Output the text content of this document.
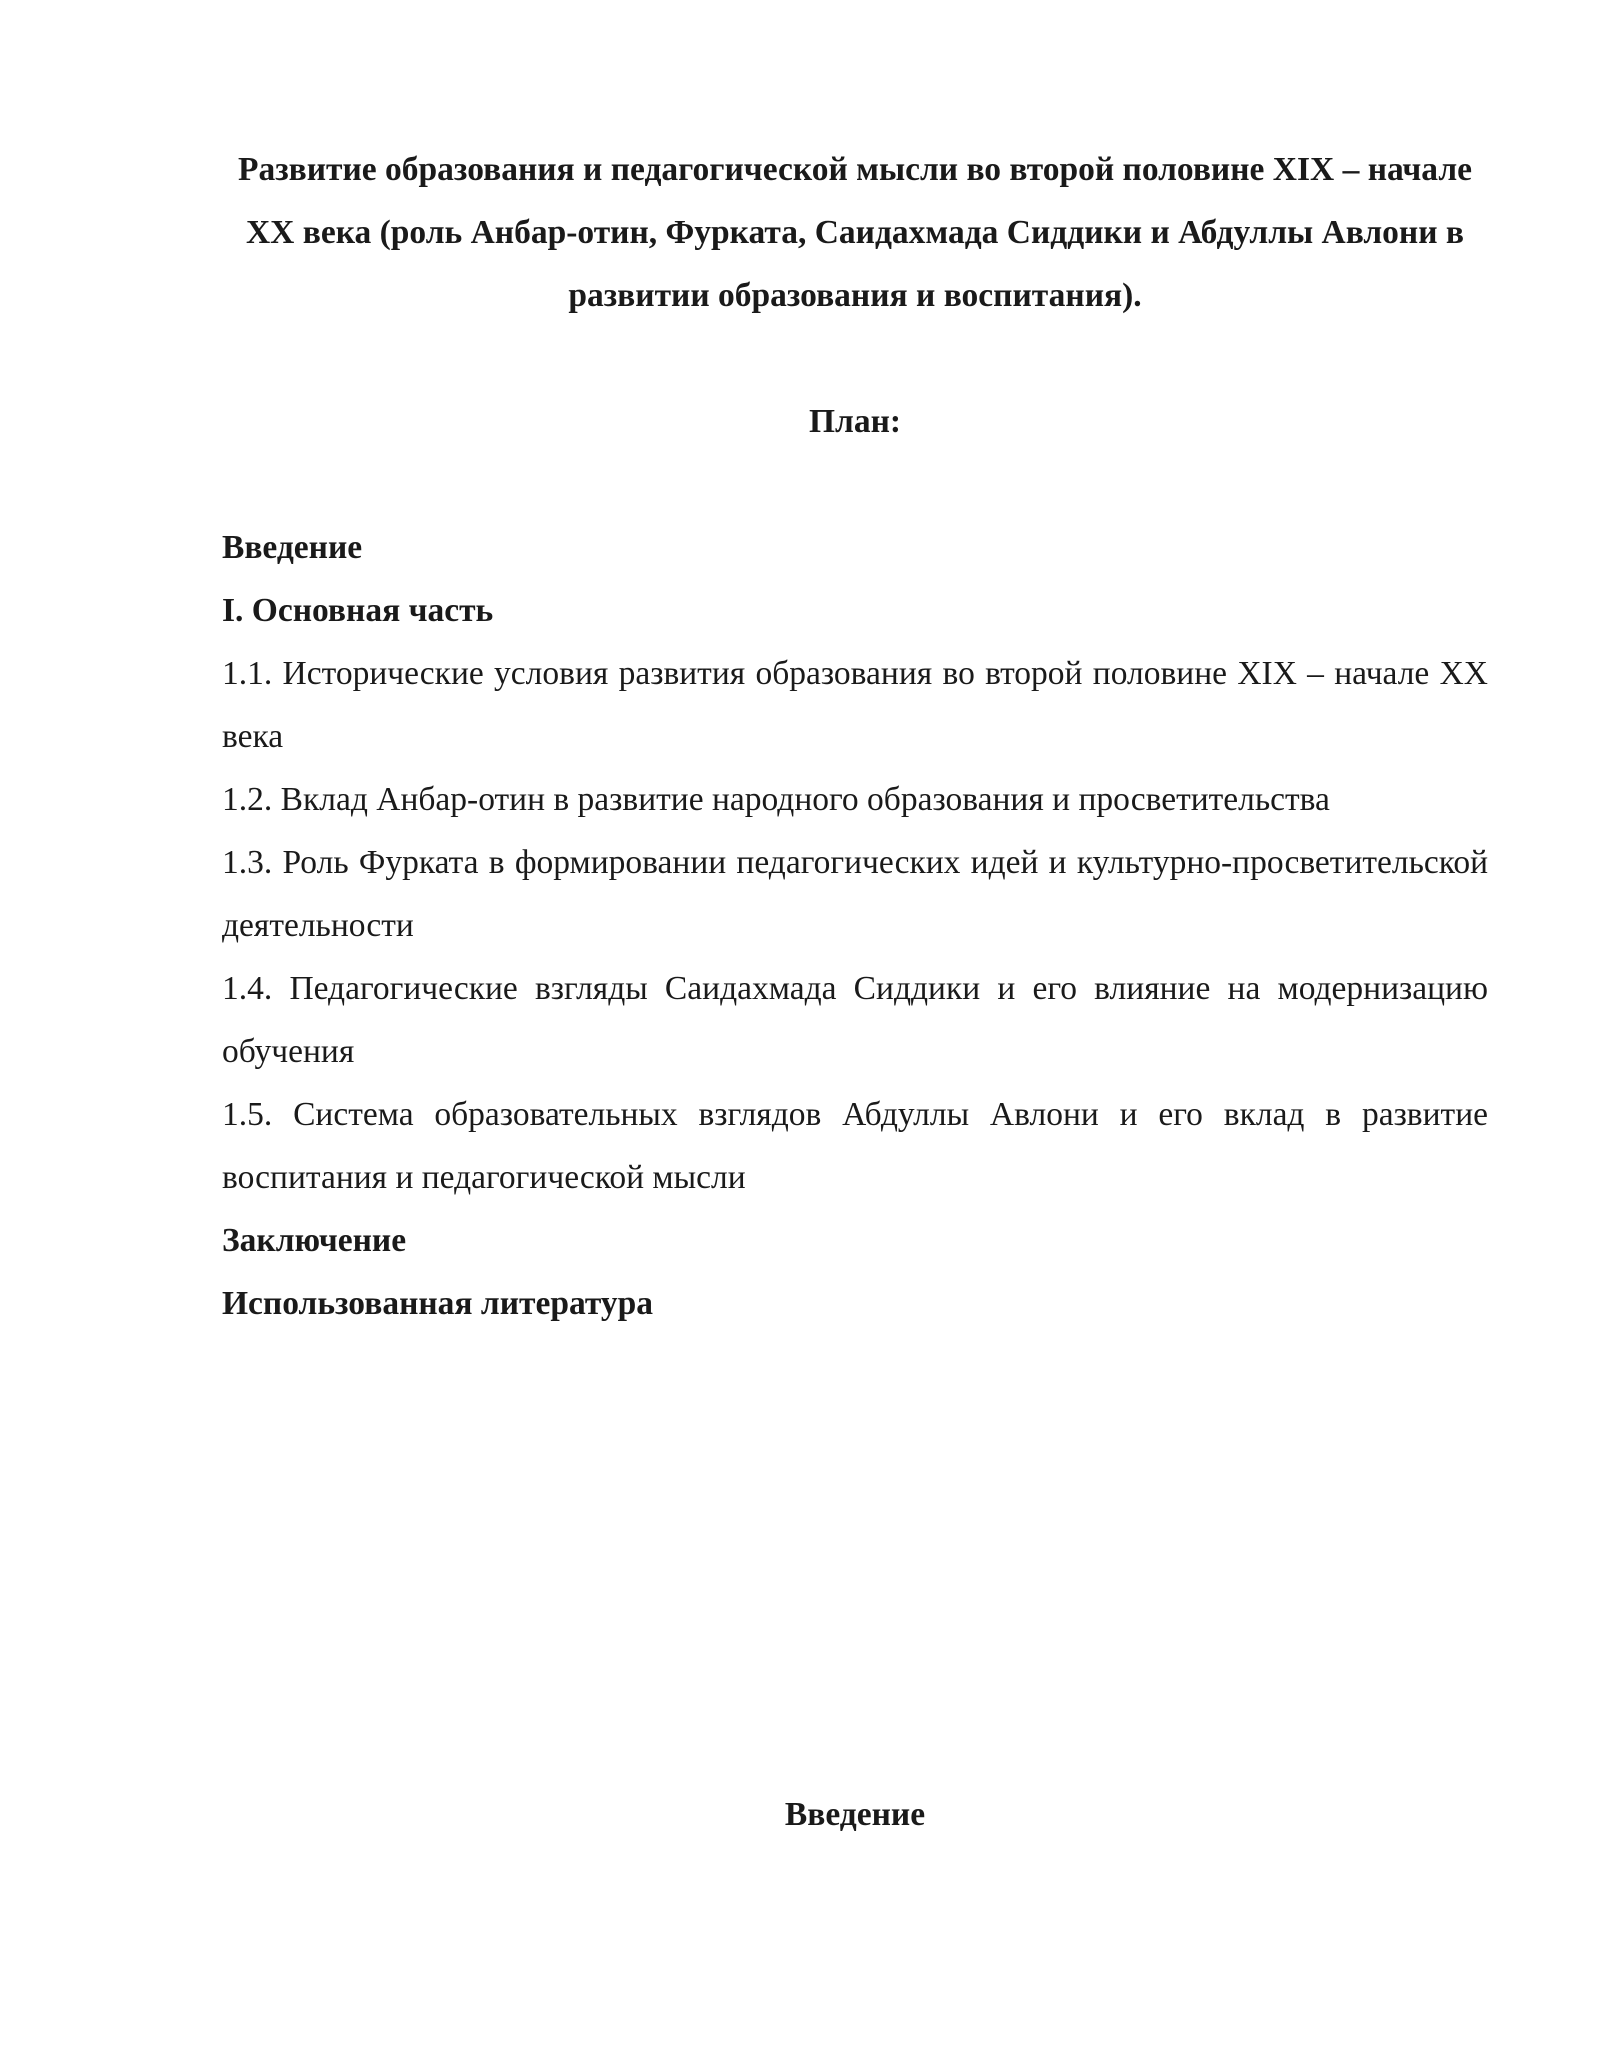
Развитие образования и педагогической мысли во второй половине XIX – начале XX века (роль Анбар-отин, Фурката, Саидахмада Сиддики и Абдуллы Авлони в развитии образования и воспитания).
План:
Введение
I. Основная часть
1.1. Исторические условия развития образования во второй половине XIX – начале XX века
1.2. Вклад Анбар-отин в развитие народного образования и просветительства
1.3. Роль Фурката в формировании педагогических идей и культурно-просветительской деятельности
1.4. Педагогические взгляды Саидахмада Сиддики и его влияние на модернизацию обучения
1.5. Система образовательных взглядов Абдуллы Авлони и его вклад в развитие воспитания и педагогической мысли
Заключение
Использованная литература
Введение
